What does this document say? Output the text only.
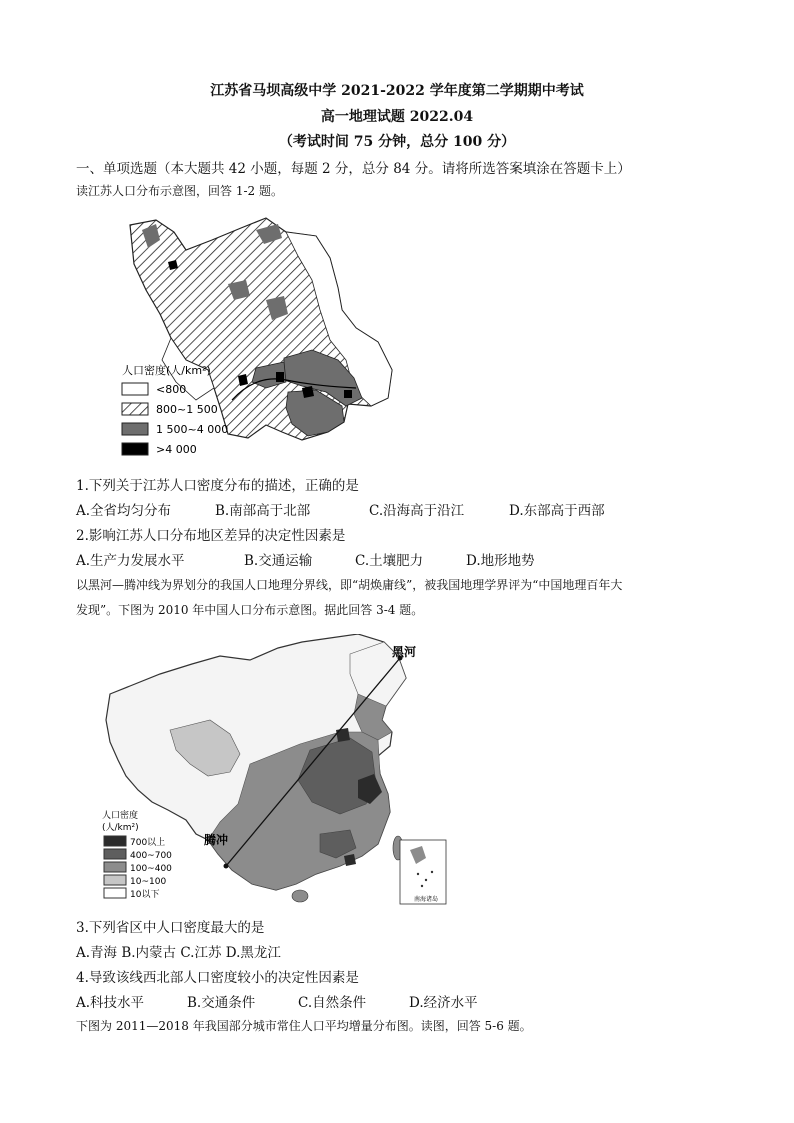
江苏省马坝高级中学 2021-2022 学年度第二学期期中考试
高一地理试题 2022.04
（考试时间 75 分钟，总分 100 分）
一、单项选题（本大题共 42 小题，每题 2 分，总分 84 分。请将所选答案填涂在答题卡上）
读江苏人口分布示意图，回答 1-2 题。
人口密度(人/km²)
<800
800~1 500
1 500~4 000
>4 000
1.下列关于江苏人口密度分布的描述，正确的是
A.全省均匀分布	B.南部高于北部	C.沿海高于沿江	D.东部高于西部
2.影响江苏人口分布地区差异的决定性因素是
A.生产力发展水平	B.交通运输	C.土壤肥力	D.地形地势
以黑河—腾冲线为界划分的我国人口地理分界线，即“胡焕庸线”，被我国地理学界评为“中国地理百年大
发现”。下图为 2010 年中国人口分布示意图。据此回答 3-4 题。
黑河
腾冲
人口密度
(人/km²)
700以上
400~700
100~400
10~100
10以下	南海诸岛
3.下列省区中人口密度最大的是
A.青海 B.内蒙古 C.江苏 D.黑龙江
4.导致该线西北部人口密度较小的决定性因素是
A.科技水平	B.交通条件	C.自然条件	D.经济水平
下图为 2011—2018 年我国部分城市常住人口平均增量分布图。读图，回答 5-6 题。
